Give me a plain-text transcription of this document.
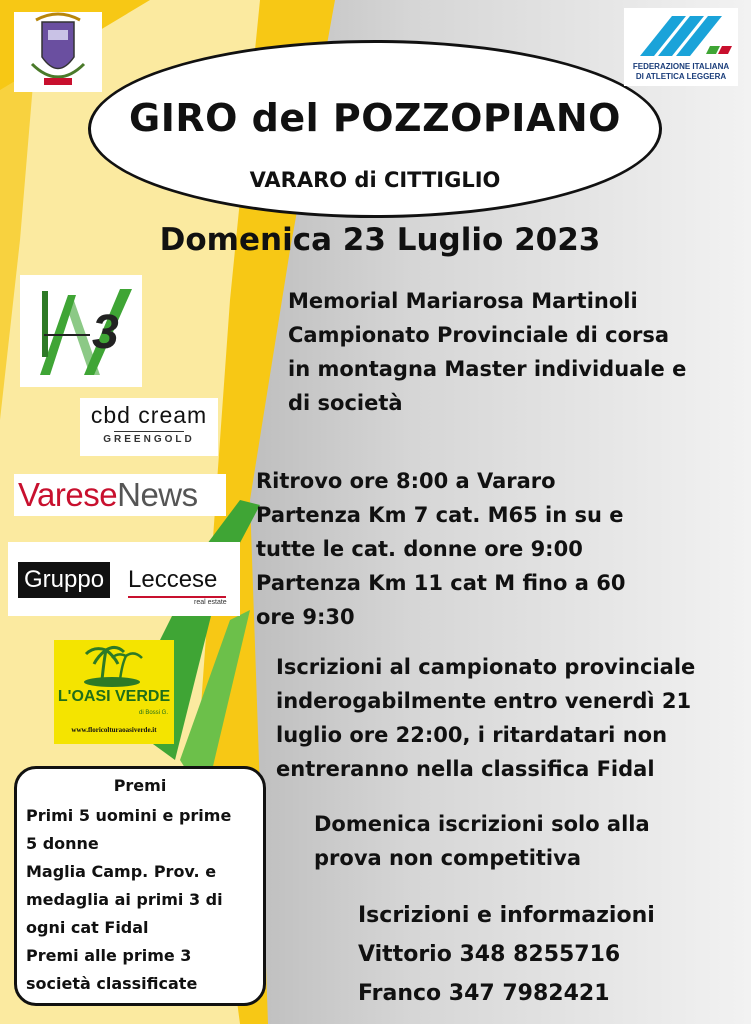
GIRO del POZZOPIANO
VARARO di CITTIGLIO
Domenica 23 Luglio 2023
Memorial Mariarosa Martinoli
Campionato Provinciale di corsa
in montagna Master individuale e
di società
Ritrovo ore 8:00 a Vararo
Partenza Km 7 cat. M65 in su e
tutte le cat. donne ore 9:00
Partenza Km 11 cat M fino a 60
ore 9:30
Iscrizioni al campionato provinciale
inderogabilmente entro venerdì 21
luglio ore 22:00, i ritardatari non
entreranno nella classifica Fidal
Domenica iscrizioni solo alla
prova non competitiva
Iscrizioni e informazioni
Vittorio 348 8255716
Franco 347 7982421
Premi
Primi 5 uomini e prime
5 donne
Maglia Camp. Prov. e
medaglia ai primi 3 di
ogni cat Fidal
Premi alle prime 3
società classificate
FEDERAZIONE ITALIANA
DI ATLETICA LEGGERA
3
cbd cream
GREENGOLD
VareseNews
Gruppo Leccese
real estate
L'OASI VERDE
di Bossi G.
www.floricolturaoasiverde.it
